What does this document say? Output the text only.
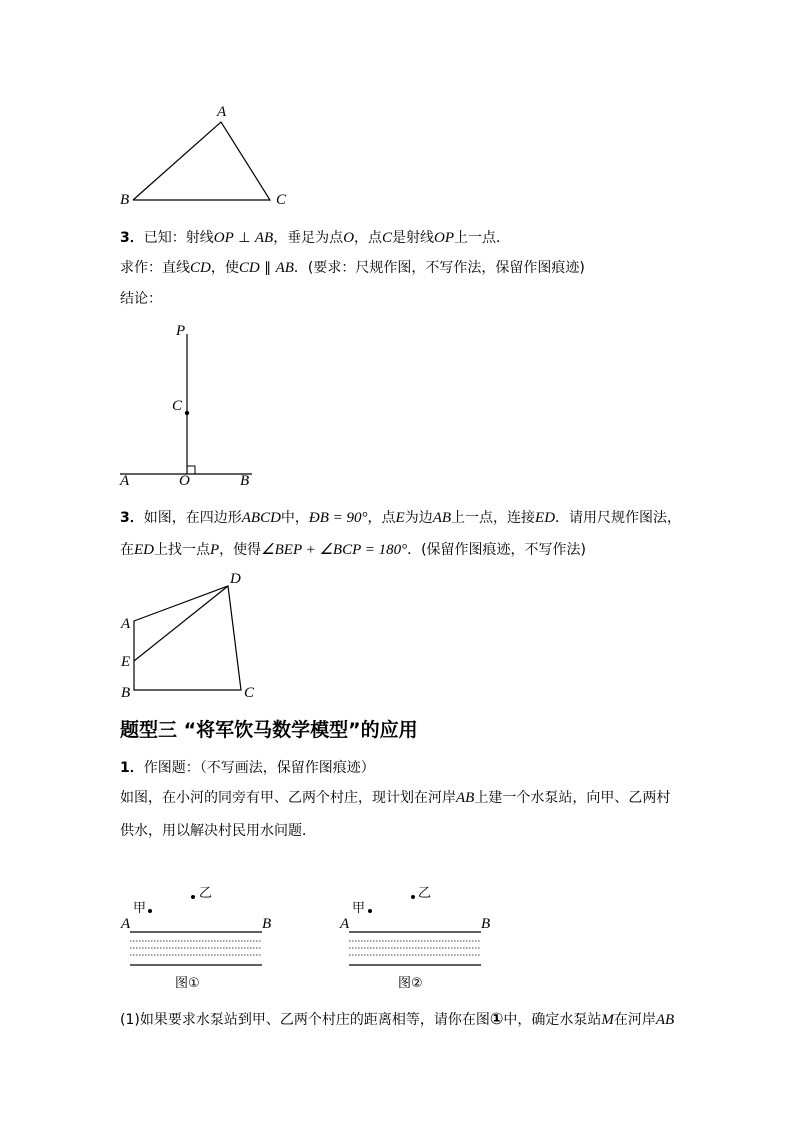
A
B	C
3．已知：射线OP ⊥ AB，垂足为点O，点C是射线OP上一点．
求作：直线CD，使CD ∥ AB．(要求：尺规作图，不写作法，保留作图痕迹)
结论：
P
C
A	O	B
3．如图，在四边形ABCD中，ÐB = 90°，点E为边AB上一点，连接ED．请用尺规作图法，
在ED上找一点P，使得∠BEP + ∠BCP = 180°．(保留作图痕迹，不写作法)
D
A
E
B	C
题型三 “将军饮马数学模型”的应用
1．作图题：（不写画法，保留作图痕迹）
如图，在小河的同旁有甲、乙两个村庄，现计划在河岸AB上建一个水泵站，向甲、乙两村
供水，用以解决村民用水问题．
甲
乙
A	B
图①
甲
乙
A	B
图②
(1)如果要求水泵站到甲、乙两个村庄的距离相等，请你在图①中，确定水泵站M在河岸AB
